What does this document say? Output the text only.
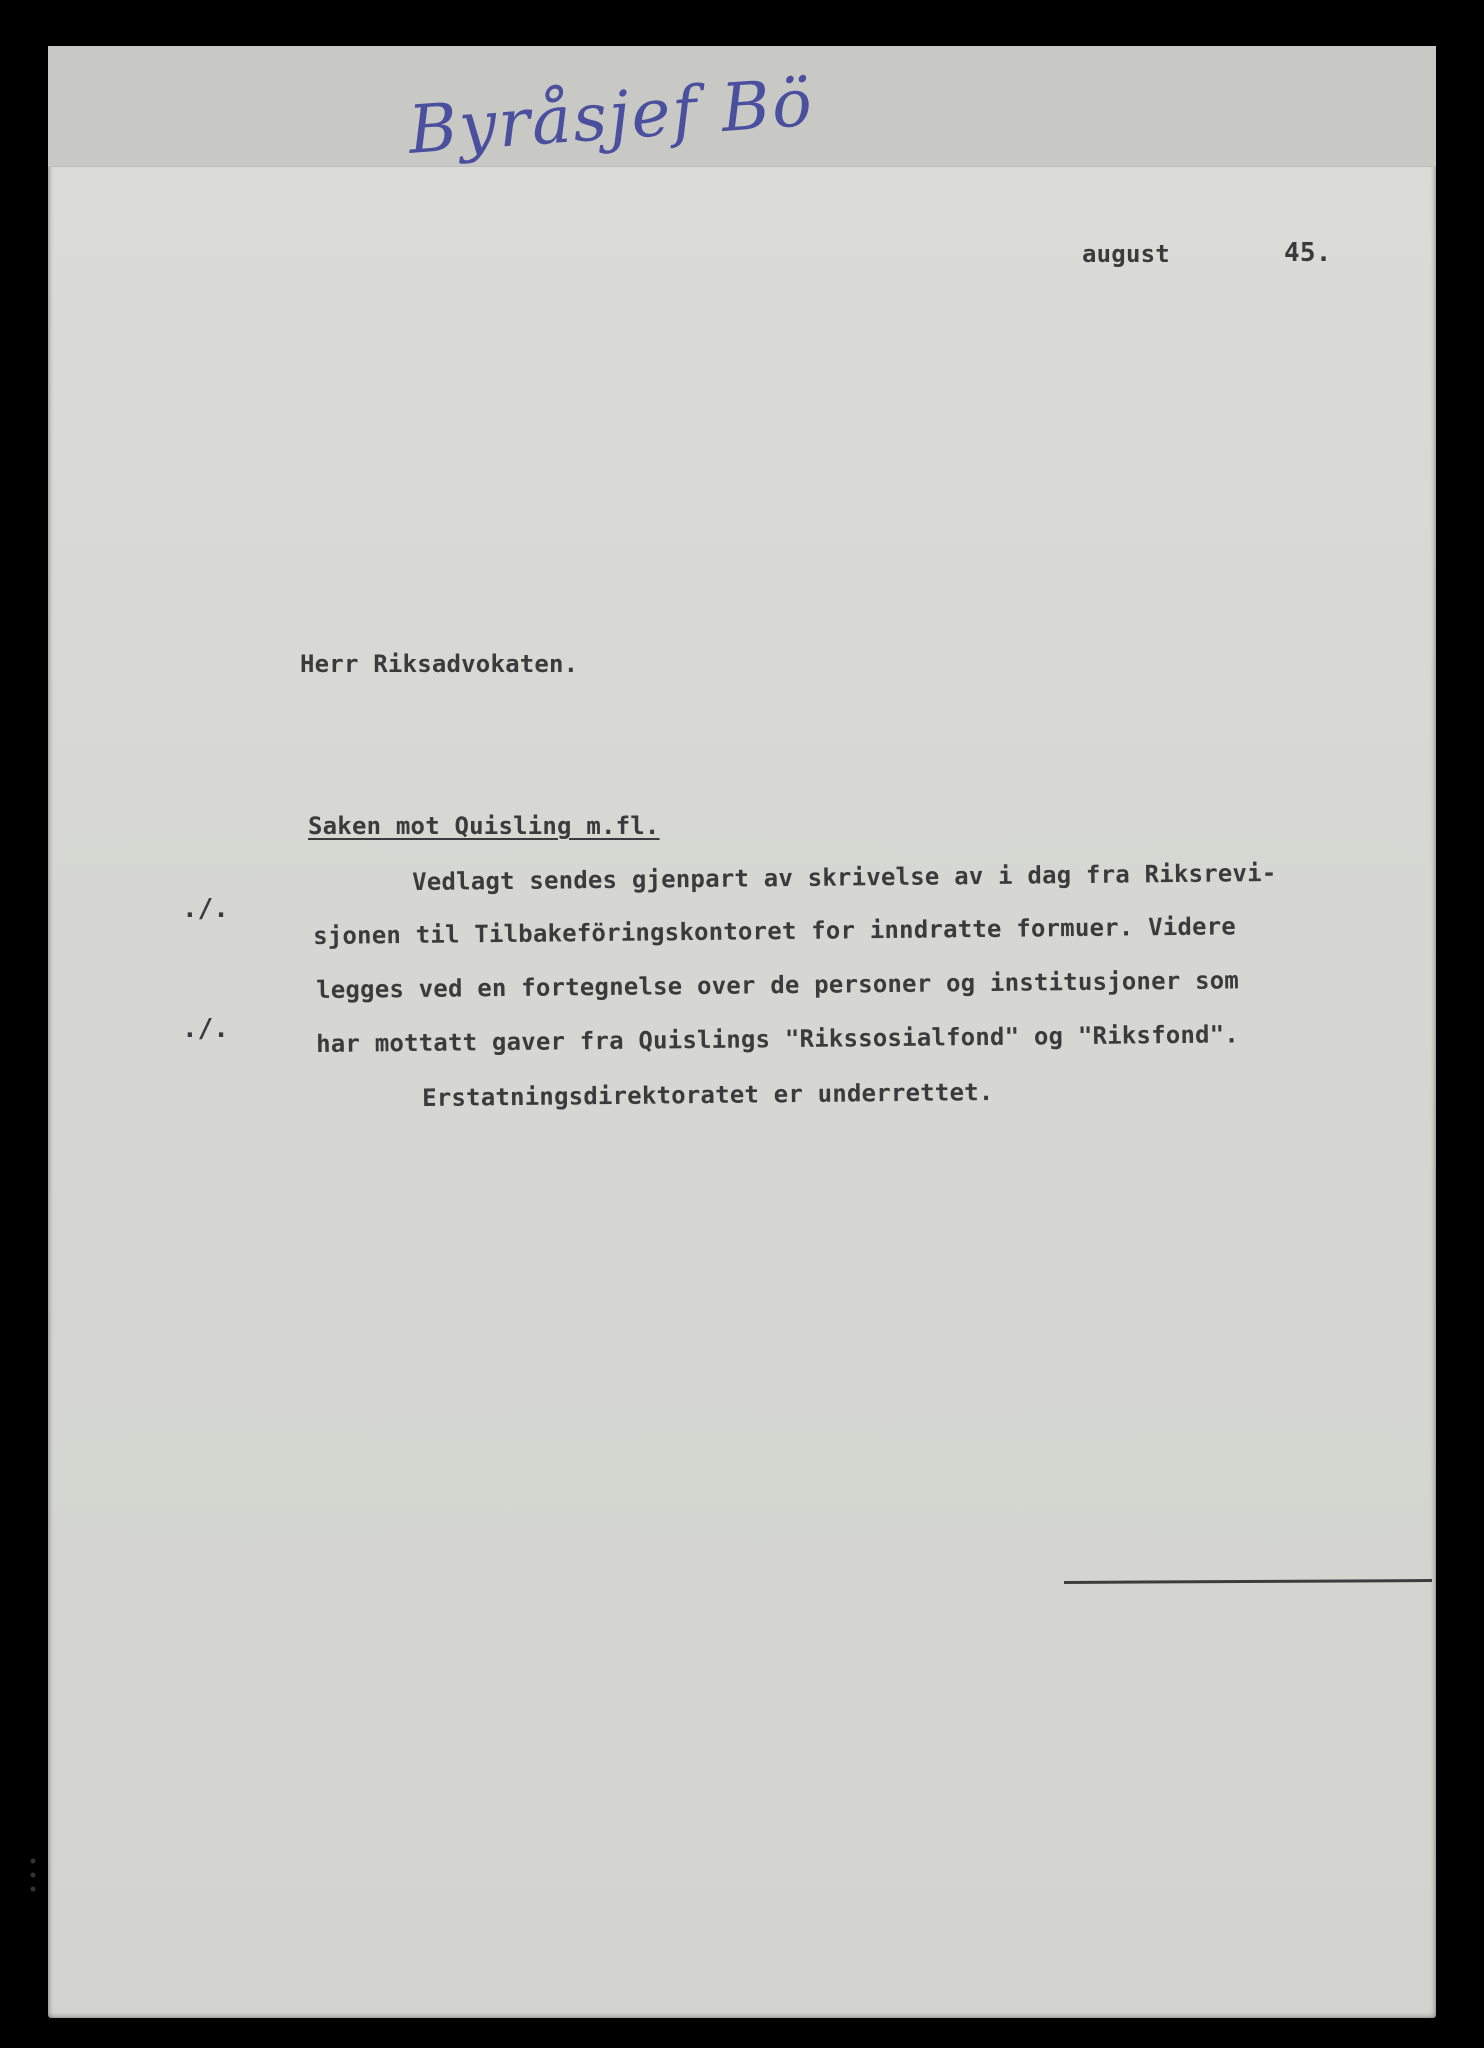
Byråsjef Bö
august	45.
Herr Riksadvokaten.
Saken mot Quisling m.fl.
Vedlagt sendes gjenpart av skrivelse av i dag fra Riksrevi-
sjonen til Tilbakeföringskontoret for inndratte formuer. Videre
legges ved en fortegnelse over de personer og institusjoner som
har mottatt gaver fra Quislings "Rikssosialfond" og "Riksfond".
Erstatningsdirektoratet er underrettet.
./.
./.
